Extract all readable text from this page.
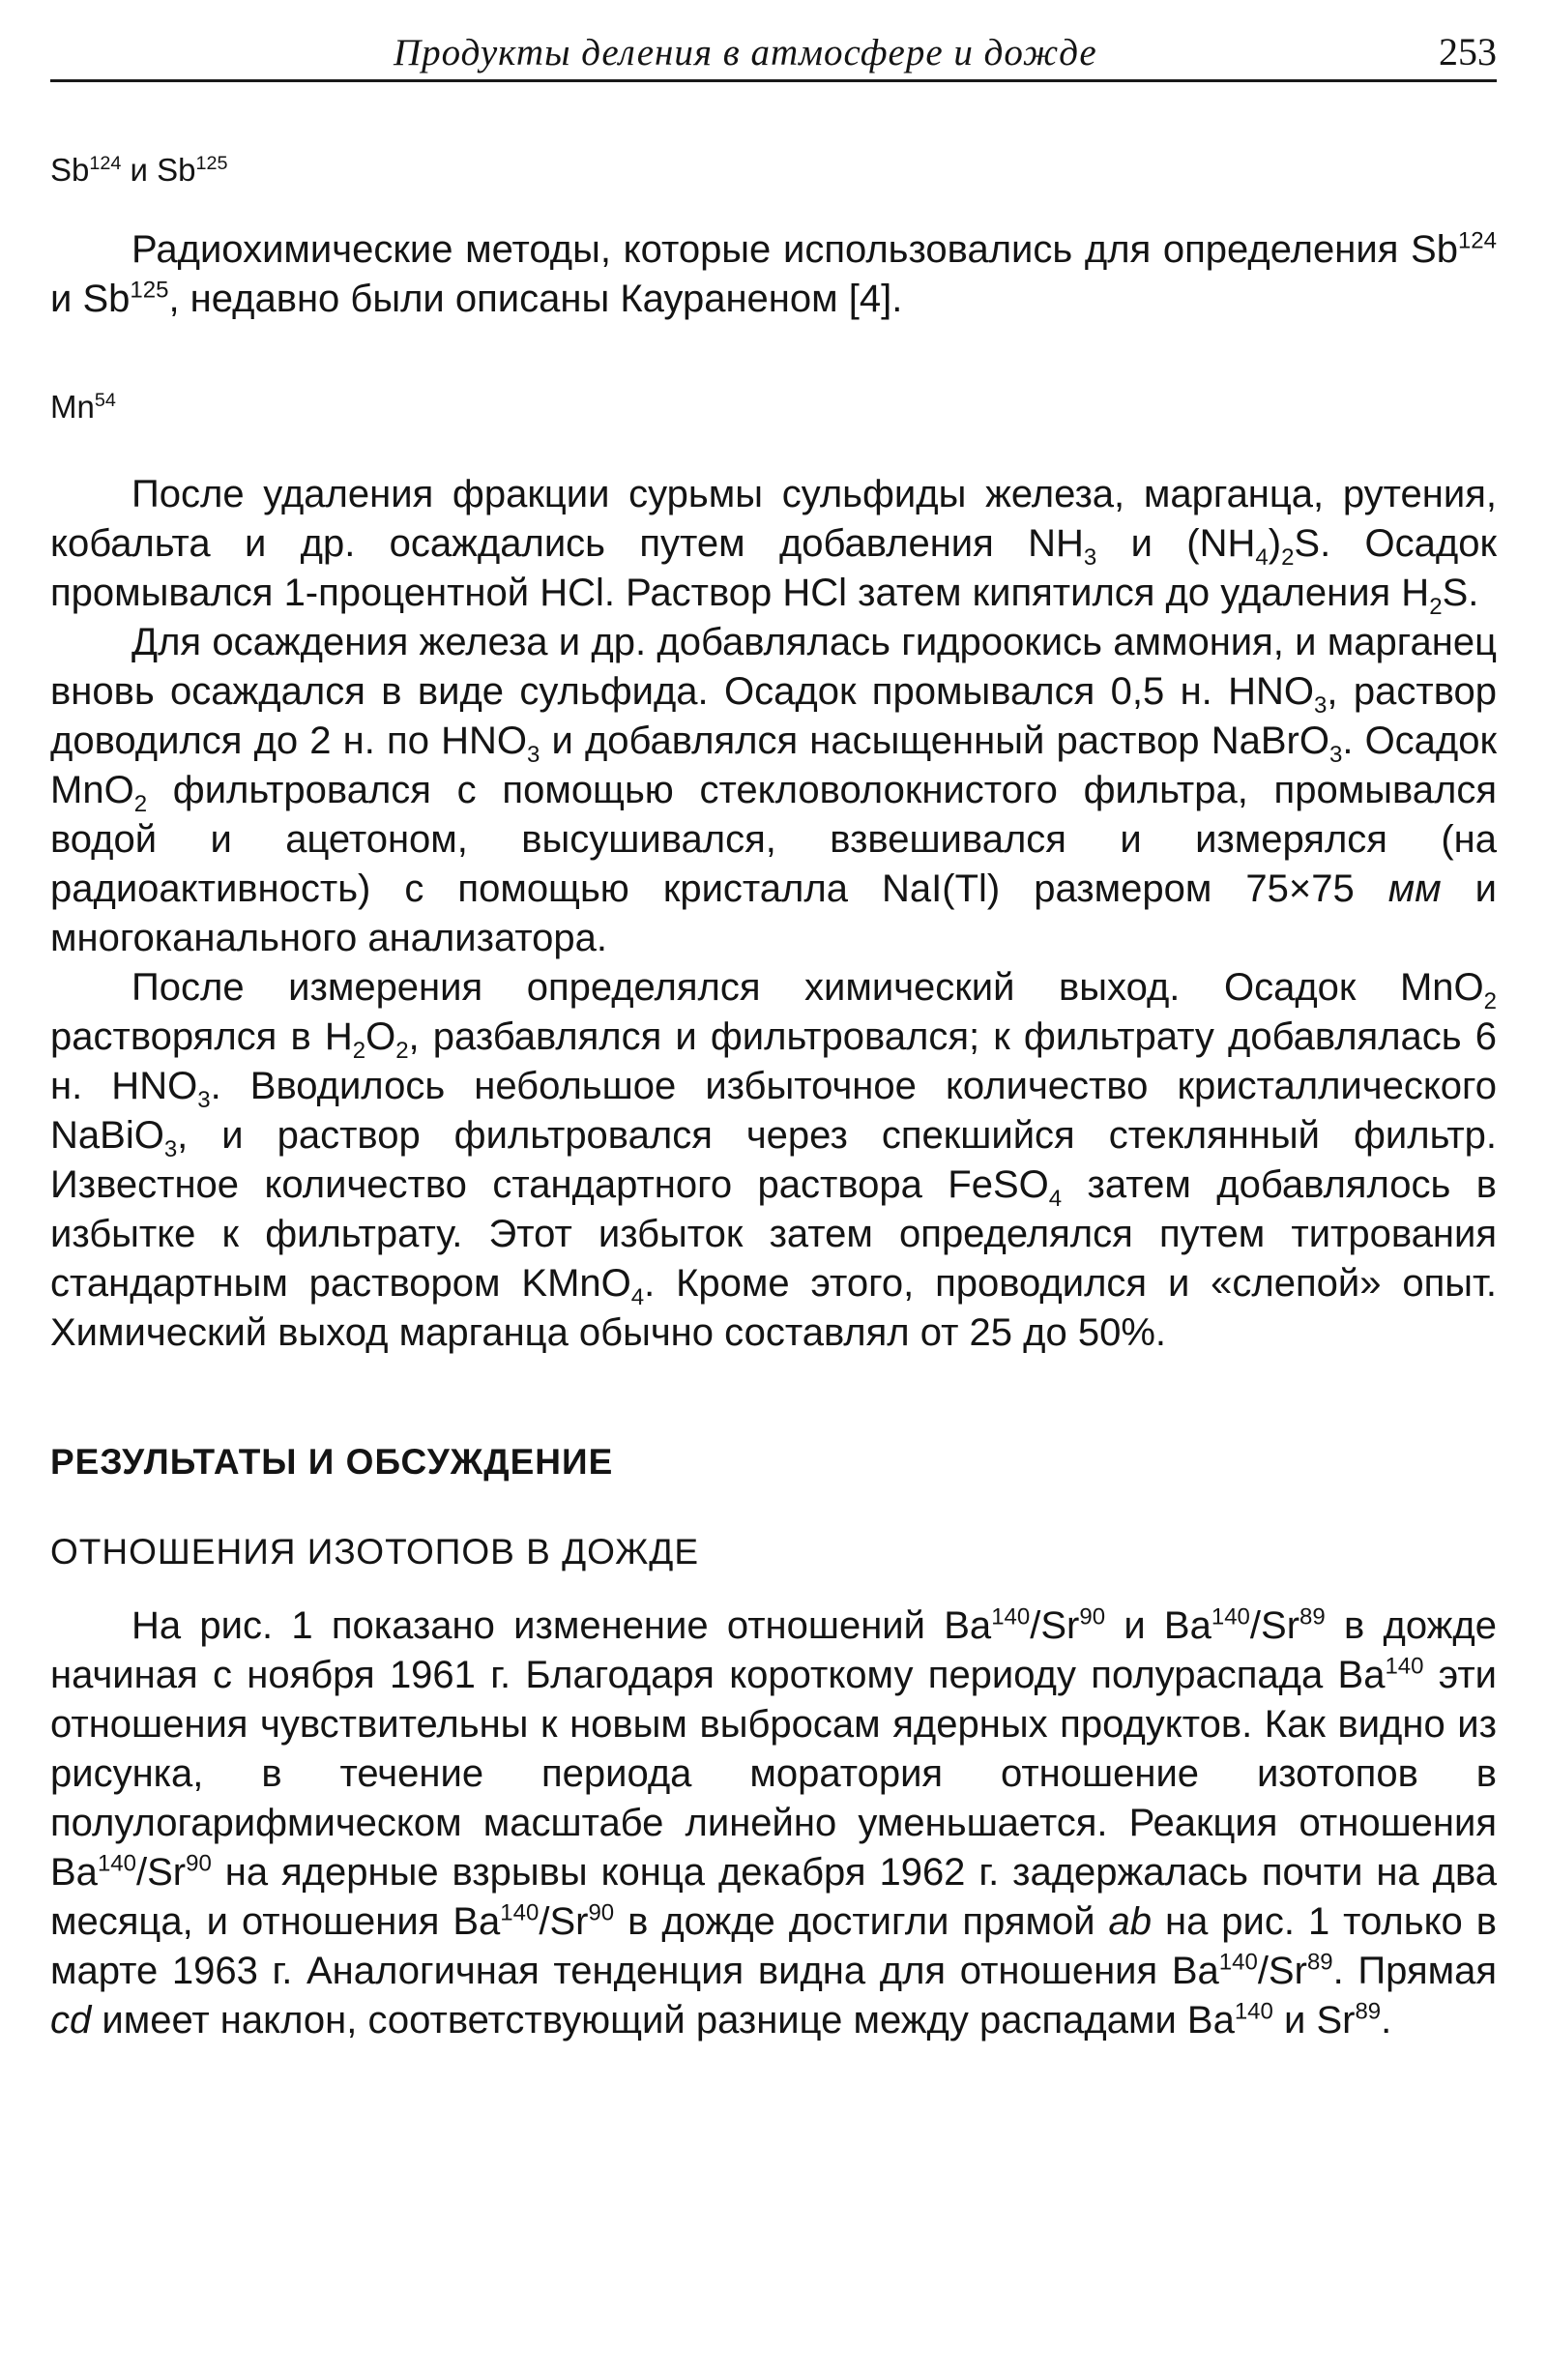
Продукты деления в атмосфере и дожде	253
Sb$^{124}$ и Sb$^{125}$

Радиохимические методы, которые использовались для определения Sb$^{124}$ и Sb$^{125}$, недавно были описаны Каураненом [4].

Mn$^{54}$

После удаления фракции сурьмы сульфиды железа, марганца, рутения, кобальта и др. осаждались путем добавления $NH_3$ и $(NH_4)_2S$. Осадок промывался 1-процентной HCl. Раствор HCl затем кипятился до удаления $H_2S$.

Для осаждения железа и др. добавлялась гидроокись аммония, и марганец вновь осаждался в виде сульфида. Осадок промывался 0,5 н. $HNO_3$, раствор доводился до 2 н. по $HNO_3$ и добавлялся насыщенный раствор NaBrO$_3$. Осадок MnO$_2$ фильтровался с помощью стекловолокнистого фильтра, промывался водой и ацетоном, высушивался, взвешивался и измерялся (на радиоактивность) с помощью кристалла NaI(Tl) размером 75×75 мм и многоканального анализатора.

После измерения определялся химический выход. Осадок MnO$_2$ растворялся в $H_2O_2$, разбавлялся и фильтровался; к фильтрату добавлялась 6 н. $HNO_3$. Вводилось небольшое избыточное количество кристаллического NaBiO$_3$, и раствор фильтровался через спекшийся стеклянный фильтр. Известное количество стандартного раствора FeSO$_4$ затем добавлялось в избытке к фильтрату. Этот избыток затем определялся путем титрования стандартным раствором KMnO$_4$. Кроме этого, проводился и «слепой» опыт. Химический выход марганца обычно составлял от 25 до 50%.

РЕЗУЛЬТАТЫ И ОБСУЖДЕНИЕ
ОТНОШЕНИЯ ИЗОТОПОВ В ДОЖДЕ

На рис. 1 показано изменение отношений Ba$^{140}$/Sr$^{90}$ и Ba$^{140}$/Sr$^{89}$ в дожде начиная с ноября 1961 г. Благодаря короткому периоду полураспада Ba$^{140}$ эти отношения чувствительны к новым выбросам ядерных продуктов. Как видно из рисунка, в течение периода моратория отношение изотопов в полулогарифмическом масштабе линейно уменьшается. Реакция отношения Ba$^{140}$/Sr$^{90}$ на ядерные взрывы конца декабря 1962 г. задержалась почти на два месяца, и отношения Ba$^{140}$/Sr$^{90}$ в дожде достигли прямой ab на рис. 1 только в марте 1963 г. Аналогичная тенденция видна для отношения Ba$^{140}$/Sr$^{89}$. Прямая cd имеет наклон, соответствующий разнице между распадами Ba$^{140}$ и Sr$^{89}$.
